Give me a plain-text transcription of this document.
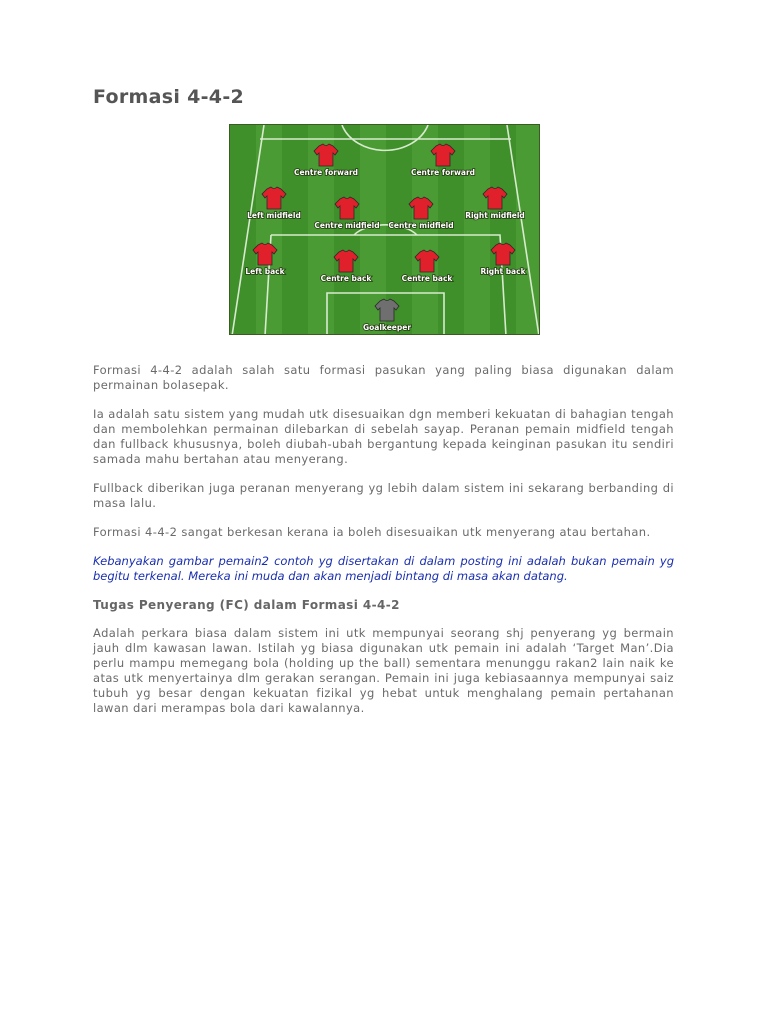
Formasi 4-4-2
Centre forward	Centre forward
Left midfield
Centre midfield Centre midfield
Right midfield
Left back
Centre back	Centre back
Right back
Goalkeeper

Formasi 4-4-2 adalah salah satu formasi pasukan yang paling biasa digunakan dalam permainan bolasepak.

Ia adalah satu sistem yang mudah utk disesuaikan dgn memberi kekuatan di bahagian tengah dan membolehkan permainan dilebarkan di sebelah sayap. Peranan pemain midfield tengah dan fullback khususnya, boleh diubah-ubah bergantung kepada keinginan pasukan itu sendiri samada mahu bertahan atau menyerang.

Fullback diberikan juga peranan menyerang yg lebih dalam sistem ini sekarang berbanding di masa lalu.

Formasi 4-4-2 sangat berkesan kerana ia boleh disesuaikan utk menyerang atau bertahan.

Kebanyakan gambar pemain2 contoh yg disertakan di dalam posting ini adalah bukan pemain yg begitu terkenal. Mereka ini muda dan akan menjadi bintang di masa akan datang.

Tugas Penyerang (FC) dalam Formasi 4-4-2

Adalah perkara biasa dalam sistem ini utk mempunyai seorang shj penyerang yg bermain jauh dlm kawasan lawan. Istilah yg biasa digunakan utk pemain ini adalah ‘Target Man’.Dia perlu mampu memegang bola (holding up the ball) sementara menunggu rakan2 lain naik ke atas utk menyertainya dlm gerakan serangan. Pemain ini juga kebiasaannya mempunyai saiz tubuh yg besar dengan kekuatan fizikal yg hebat untuk menghalang pemain pertahanan lawan dari merampas bola dari kawalannya.
